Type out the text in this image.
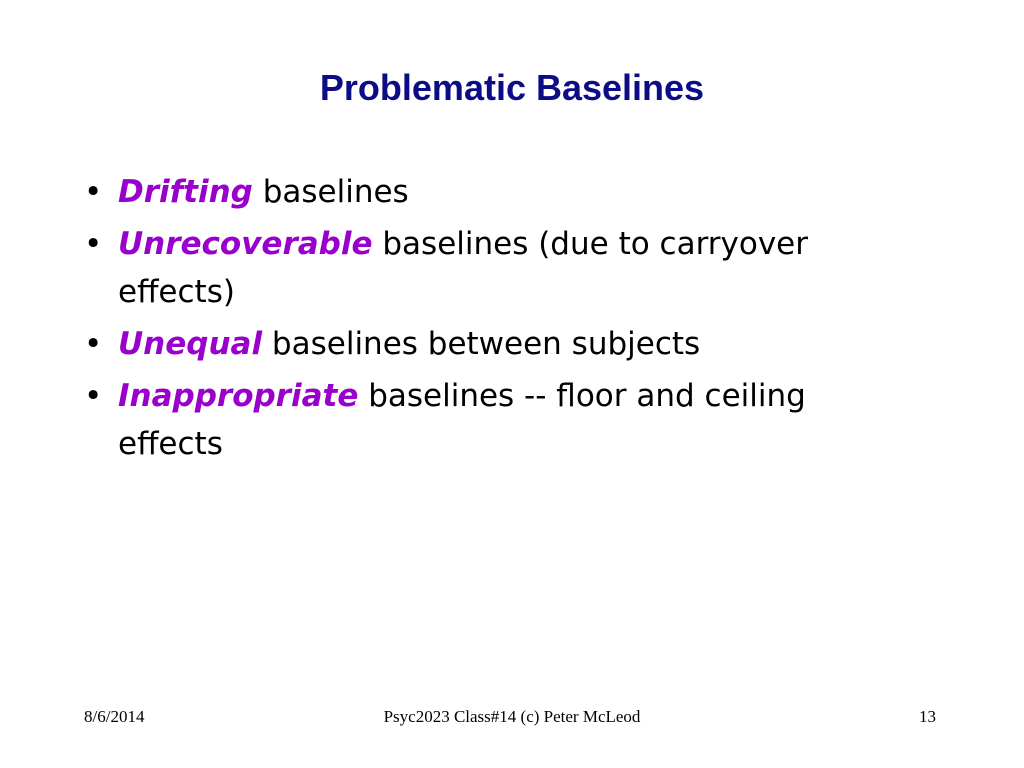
Problematic Baselines
• Drifting baselines
• Unrecoverable baselines (due to carryover effects)
• Unequal baselines between subjects
• Inappropriate baselines -- floor and ceiling effects
8/6/2014	Psyc2023 Class#14 (c) Peter McLeod	13
